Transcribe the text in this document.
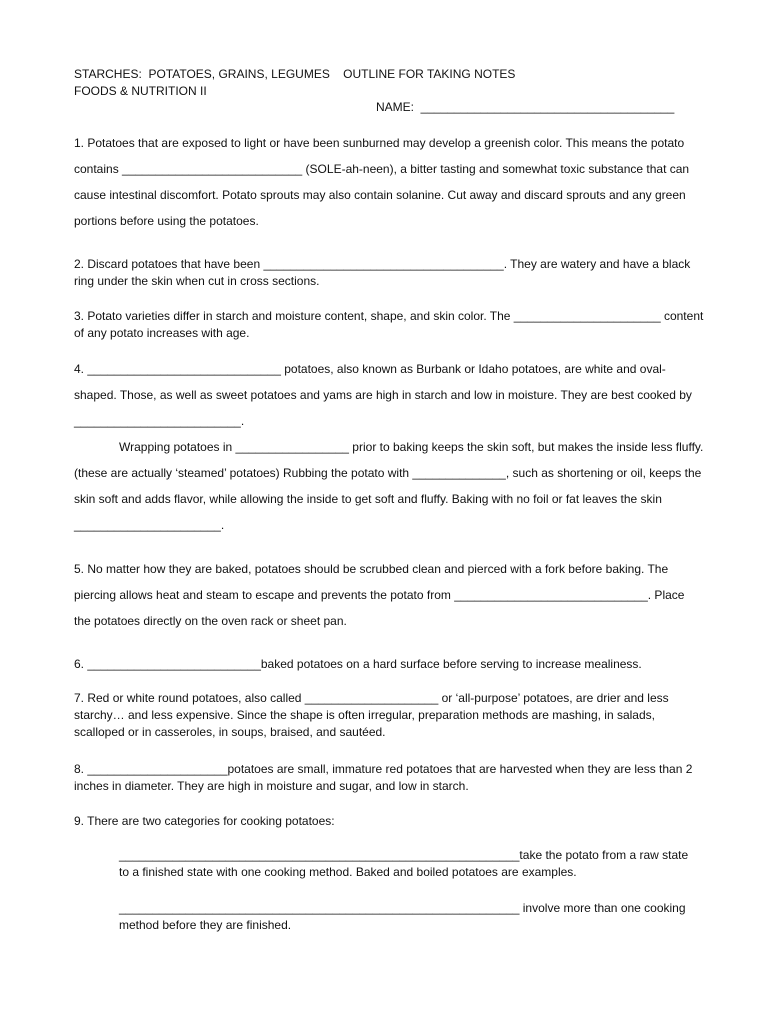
STARCHES:  POTATOES, GRAINS, LEGUMES    OUTLINE FOR TAKING NOTES
FOODS & NUTRITION II
NAME:  ______________________________________

1. Potatoes that are exposed to light or have been sunburned may develop a greenish color. This means the potato contains ___________________________ (SOLE-ah-neen), a bitter tasting and somewhat toxic substance that can cause intestinal discomfort. Potato sprouts may also contain solanine. Cut away and discard sprouts and any green portions before using the potatoes.

2. Discard potatoes that have been ____________________________________. They are watery and have a black ring under the skin when cut in cross sections.

3. Potato varieties differ in starch and moisture content, shape, and skin color. The ______________________ content of any potato increases with age.

4. _____________________________ potatoes, also known as Burbank or Idaho potatoes, are white and oval-shaped. Those, as well as sweet potatoes and yams are high in starch and low in moisture. They are best cooked by _________________________.

Wrapping potatoes in _________________ prior to baking keeps the skin soft, but makes the inside less fluffy. (these are actually ‘steamed’ potatoes) Rubbing the potato with ______________, such as shortening or oil, keeps the skin soft and adds flavor, while allowing the inside to get soft and fluffy. Baking with no foil or fat leaves the skin ______________________.

5. No matter how they are baked, potatoes should be scrubbed clean and pierced with a fork before baking. The piercing allows heat and steam to escape and prevents the potato from _____________________________. Place the potatoes directly on the oven rack or sheet pan.

6. __________________________baked potatoes on a hard surface before serving to increase mealiness.

7. Red or white round potatoes, also called ____________________ or ‘all-purpose’ potatoes, are drier and less starchy… and less expensive. Since the shape is often irregular, preparation methods are mashing, in salads, scalloped or in casseroles, in soups, braised, and sautéed.

8. _____________________potatoes are small, immature red potatoes that are harvested when they are less than 2 inches in diameter. They are high in moisture and sugar, and low in starch.

9. There are two categories for cooking potatoes:

____________________________________________________________take the potato from a raw state to a finished state with one cooking method. Baked and boiled potatoes are examples.

____________________________________________________________ involve more than one cooking method before they are finished.
